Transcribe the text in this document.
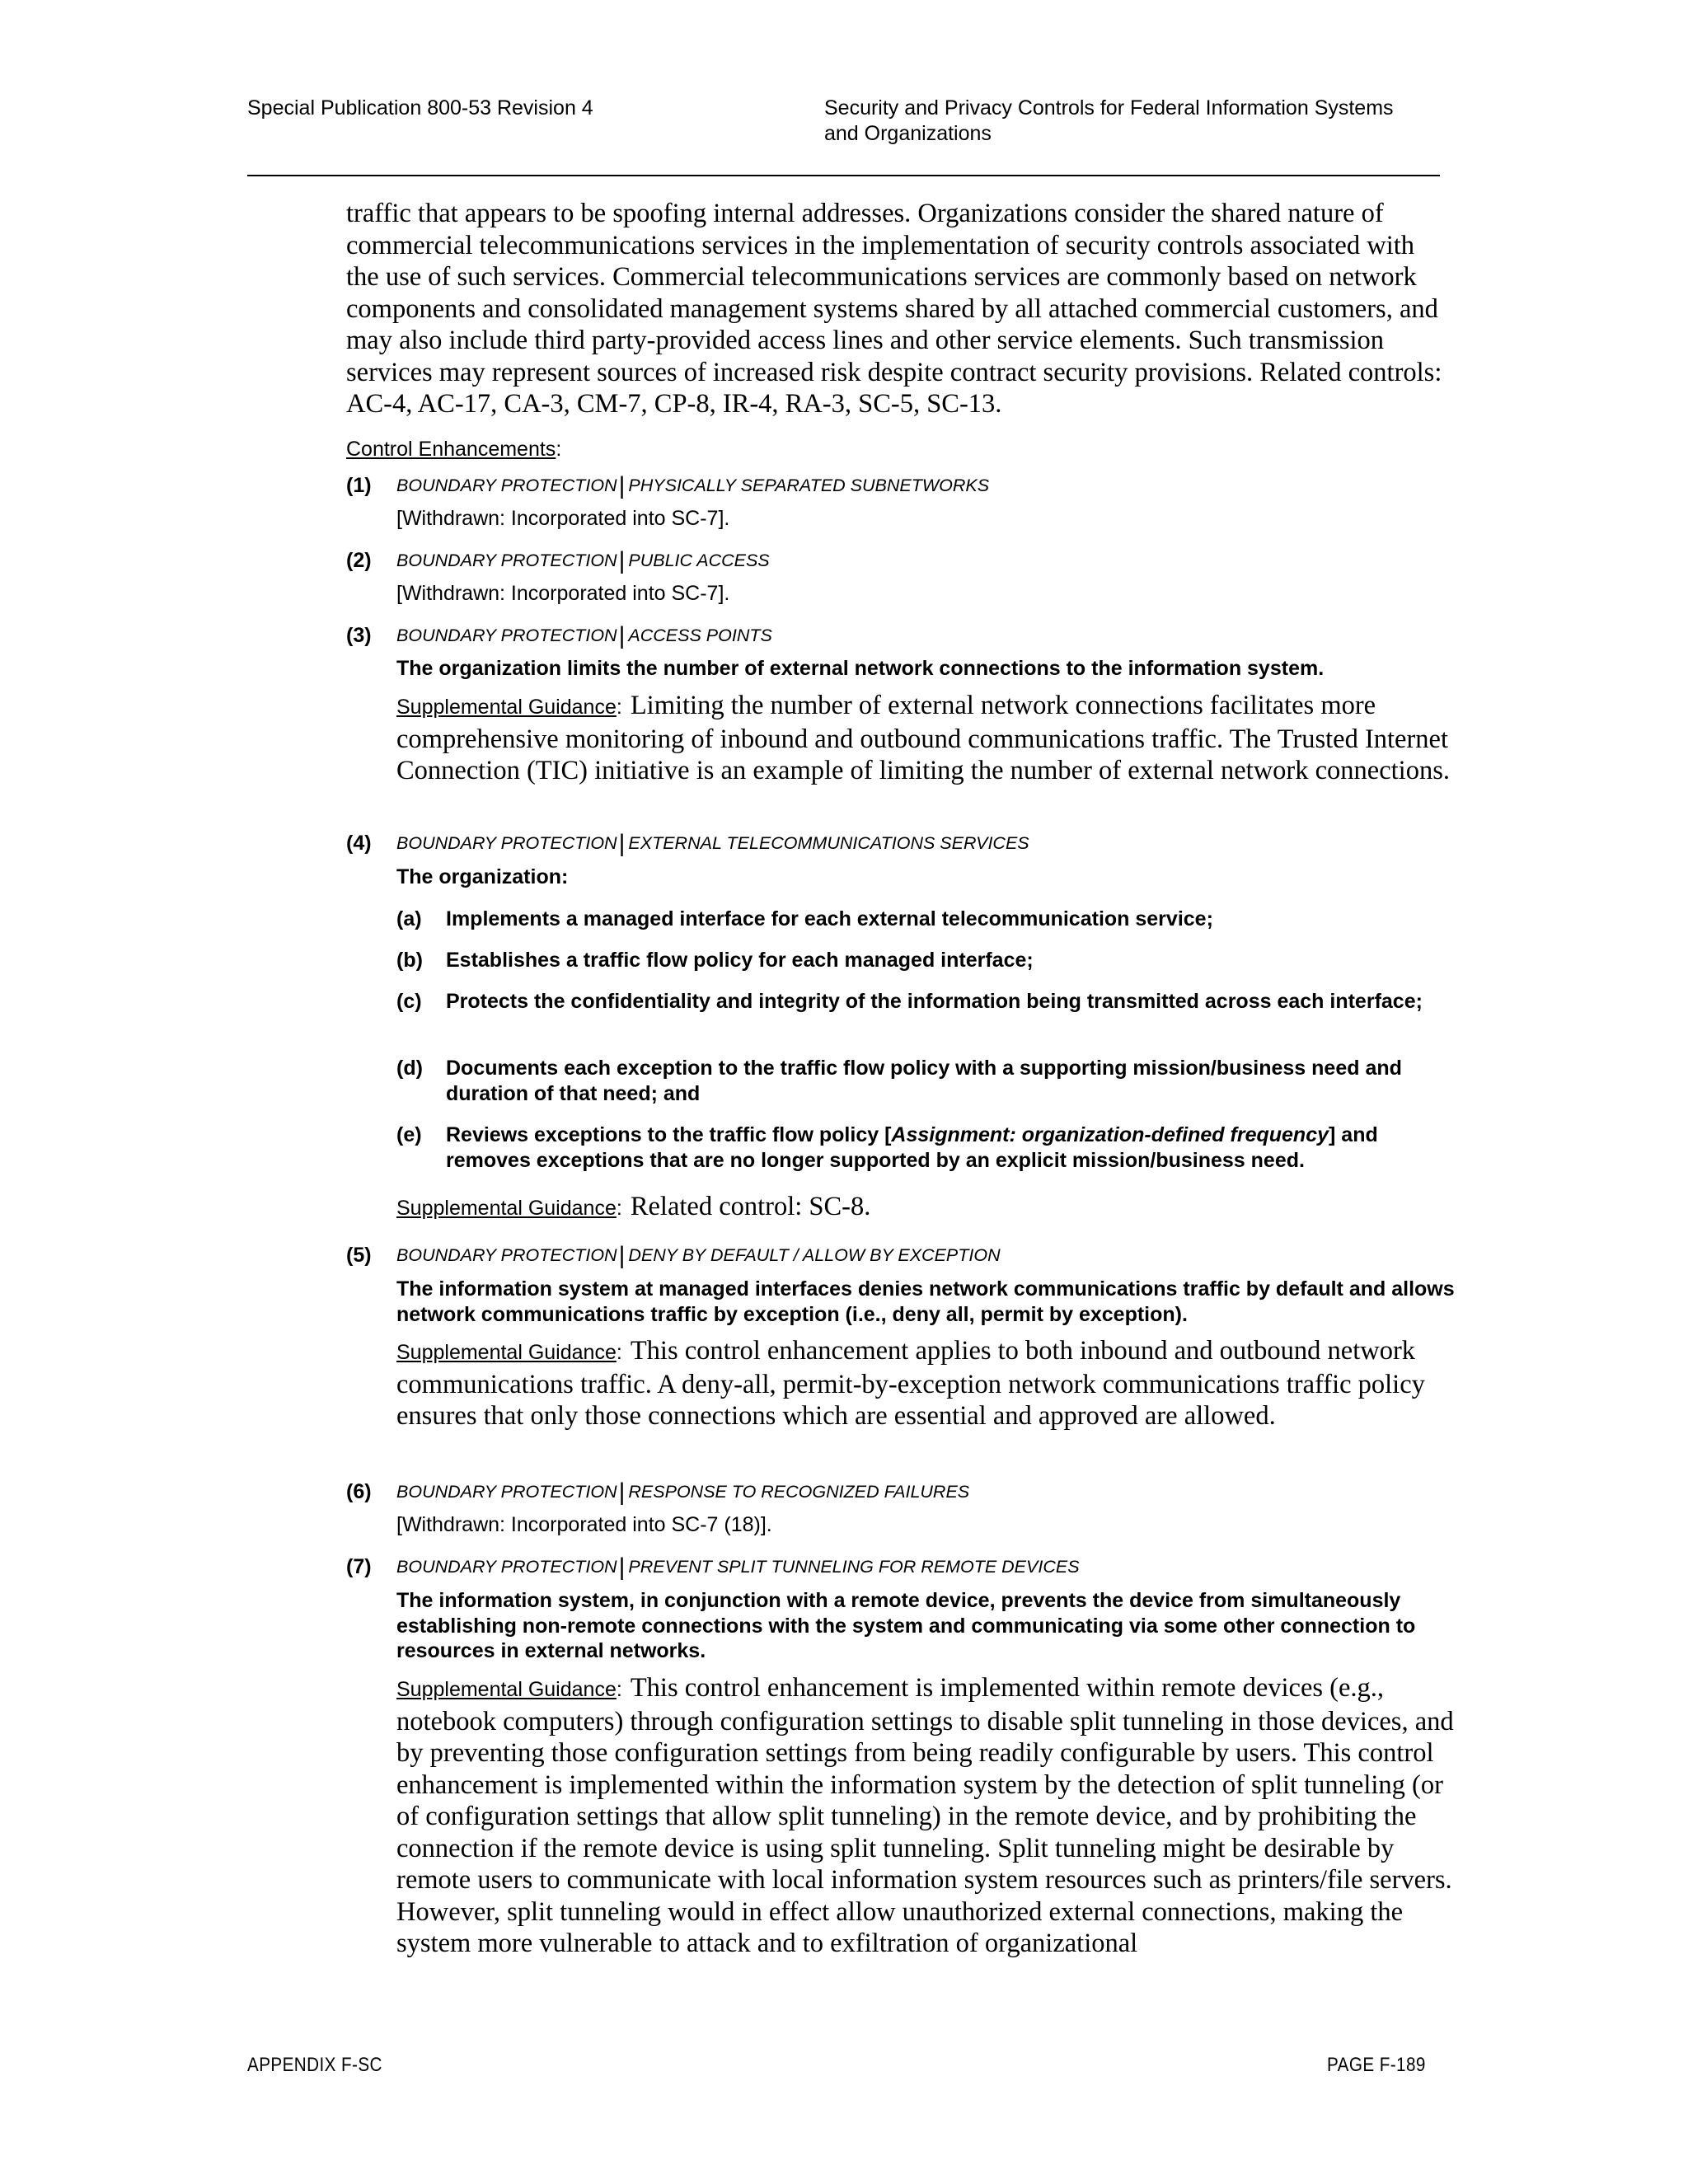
Special Publication 800-53 Revision 4	Security and Privacy Controls for Federal Information Systems
and Organizations
traffic that appears to be spoofing internal addresses. Organizations consider the shared nature of commercial telecommunications services in the implementation of security controls associated with the use of such services. Commercial telecommunications services are commonly based on network components and consolidated management systems shared by all attached commercial customers, and may also include third party-provided access lines and other service elements. Such transmission services may represent sources of increased risk despite contract security provisions. Related controls: AC-4, AC-17, CA-3, CM-7, CP-8, IR-4, RA-3, SC-5, SC-13.
Control Enhancements:
(1) BOUNDARY PROTECTION| PHYSICALLY SEPARATED SUBNETWORKS
[Withdrawn: Incorporated into SC-7].
(2) BOUNDARY PROTECTION| PUBLIC ACCESS
[Withdrawn: Incorporated into SC-7].
(3) BOUNDARY PROTECTION| ACCESS POINTS
The organization limits the number of external network connections to the information system.
Supplemental Guidance: Limiting the number of external network connections facilitates more comprehensive monitoring of inbound and outbound communications traffic. The Trusted Internet Connection (TIC) initiative is an example of limiting the number of external network connections.
(4) BOUNDARY PROTECTION| EXTERNAL TELECOMMUNICATIONS SERVICES
The organization:
(a) Implements a managed interface for each external telecommunication service;
(b) Establishes a traffic flow policy for each managed interface;
(c) Protects the confidentiality and integrity of the information being transmitted across each interface;
(d) Documents each exception to the traffic flow policy with a supporting mission/business need and duration of that need; and
(e) Reviews exceptions to the traffic flow policy [Assignment: organization-defined frequency] and removes exceptions that are no longer supported by an explicit mission/business need.
Supplemental Guidance: Related control: SC-8.
(5) BOUNDARY PROTECTION| DENY BY DEFAULT / ALLOW BY EXCEPTION
The information system at managed interfaces denies network communications traffic by default and allows network communications traffic by exception (i.e., deny all, permit by exception).
Supplemental Guidance: This control enhancement applies to both inbound and outbound network communications traffic. A deny-all, permit-by-exception network communications traffic policy ensures that only those connections which are essential and approved are allowed.
(6) BOUNDARY PROTECTION| RESPONSE TO RECOGNIZED FAILURES
[Withdrawn: Incorporated into SC-7 (18)].
(7) BOUNDARY PROTECTION| PREVENT SPLIT TUNNELING FOR REMOTE DEVICES
The information system, in conjunction with a remote device, prevents the device from simultaneously establishing non-remote connections with the system and communicating via some other connection to resources in external networks.
Supplemental Guidance: This control enhancement is implemented within remote devices (e.g., notebook computers) through configuration settings to disable split tunneling in those devices, and by preventing those configuration settings from being readily configurable by users. This control enhancement is implemented within the information system by the detection of split tunneling (or of configuration settings that allow split tunneling) in the remote device, and by prohibiting the connection if the remote device is using split tunneling. Split tunneling might be desirable by remote users to communicate with local information system resources such as printers/file servers. However, split tunneling would in effect allow unauthorized external connections, making the system more vulnerable to attack and to exfiltration of organizational
APPENDIX F-SC	PAGE F-189
